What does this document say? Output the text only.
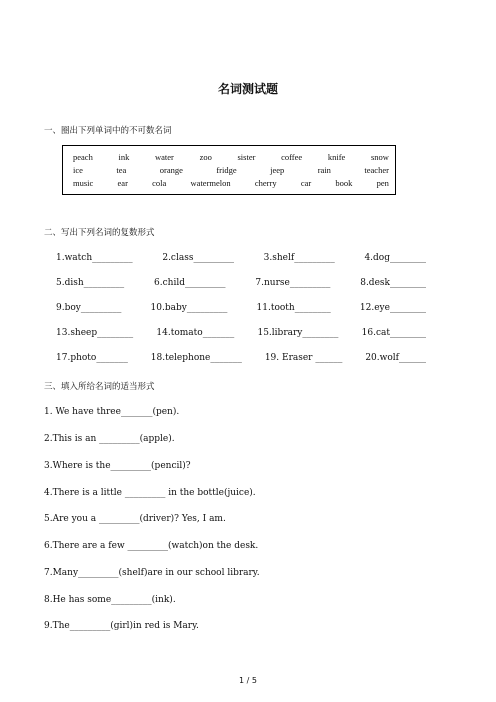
名词测试题
一、圈出下列单词中的不可数名词
peach	ink	water	zoo	sister	coffee	knife	snow
ice	tea	orange	fridge	jeep	rain	teacher
music	ear	cola	watermelon	cherry	car	book	pen
二、写出下列名词的复数形式
1.watch_________	2.class_________	3.shelf_________	4.dog________
5.dish_________	6.child_________	7.nurse_________	8.desk________
9.boy_________	10.baby_________	11.tooth________	12.eye________
13.sheep________	14.tomato_______	15.library________	16.cat________
17.photo_______	18.telephone_______	19. Eraser ______	20.wolf______
三、填入所给名词的适当形式
1. We have three_______(pen).
2.This is an _________(apple).
3.Where is the_________(pencil)?
4.There is a little _________ in the bottle(juice).
5.Are you a _________(driver)? Yes, I am.
6.There are a few _________(watch)on the desk.
7.Many_________(shelf)are in our school library.
8.He has some_________(ink).
9.The_________(girl)in red is Mary.
1 / 5
